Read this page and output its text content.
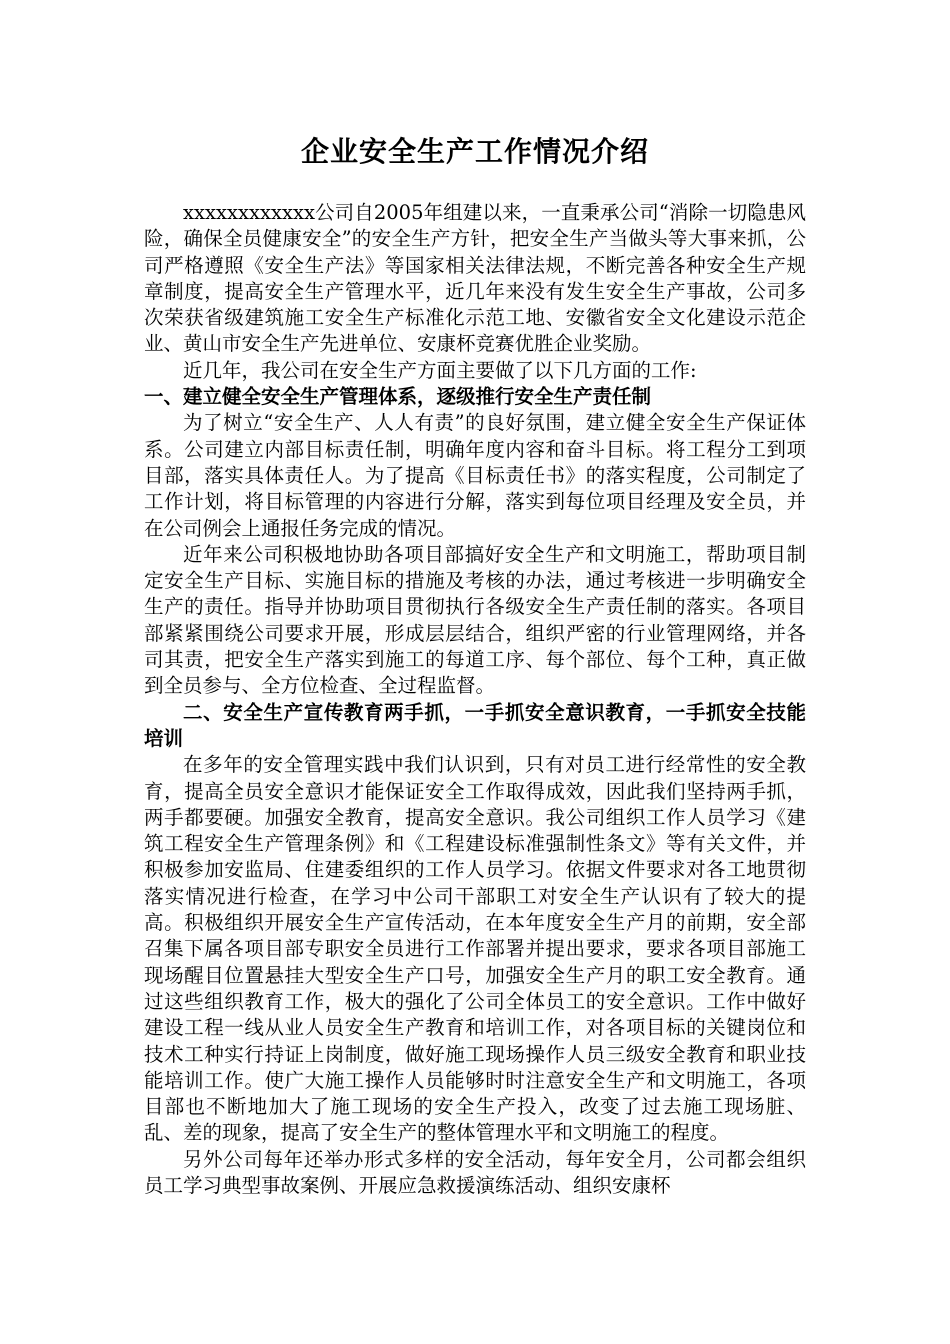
企业安全生产工作情况介绍

xxxxxxxxxxxx公司自2005年组建以来，一直秉承公司“消除一切隐患风险，确保全员健康安全”的安全生产方针，把安全生产当做头等大事来抓，公司严格遵照《安全生产法》等国家相关法律法规，不断完善各种安全生产规章制度，提高安全生产管理水平，近几年来没有发生安全生产事故，公司多次荣获省级建筑施工安全生产标准化示范工地、安徽省安全文化建设示范企业、黄山市安全生产先进单位、安康杯竞赛优胜企业奖励。

近几年，我公司在安全生产方面主要做了以下几方面的工作:

一、建立健全安全生产管理体系，逐级推行安全生产责任制

为了树立“安全生产、人人有责”的良好氛围，建立健全安全生产保证体系。公司建立内部目标责任制，明确年度内容和奋斗目标。将工程分工到项目部，落实具体责任人。为了提高《目标责任书》的落实程度，公司制定了工作计划，将目标管理的内容进行分解，落实到每位项目经理及安全员，并在公司例会上通报任务完成的情况。

近年来公司积极地协助各项目部搞好安全生产和文明施工，帮助项目制定安全生产目标、实施目标的措施及考核的办法，通过考核进一步明确安全生产的责任。指导并协助项目贯彻执行各级安全生产责任制的落实。各项目部紧紧围绕公司要求开展，形成层层结合，组织严密的行业管理网络，并各司其责，把安全生产落实到施工的每道工序、每个部位、每个工种，真正做到全员参与、全方位检查、全过程监督。

二、安全生产宣传教育两手抓，一手抓安全意识教育，一手抓安全技能培训

在多年的安全管理实践中我们认识到，只有对员工进行经常性的安全教育，提高全员安全意识才能保证安全工作取得成效，因此我们坚持两手抓，两手都要硬。加强安全教育，提高安全意识。我公司组织工作人员学习《建筑工程安全生产管理条例》和《工程建设标准强制性条文》等有关文件，并积极参加安监局、住建委组织的工作人员学习。依据文件要求对各工地贯彻落实情况进行检查，在学习中公司干部职工对安全生产认识有了较大的提高。积极组织开展安全生产宣传活动，在本年度安全生产月的前期，安全部召集下属各项目部专职安全员进行工作部署并提出要求，要求各项目部施工现场醒目位置悬挂大型安全生产口号，加强安全生产月的职工安全教育。通过这些组织教育工作，极大的强化了公司全体员工的安全意识。工作中做好建设工程一线从业人员安全生产教育和培训工作，对各项目标的关键岗位和技术工种实行持证上岗制度，做好施工现场操作人员三级安全教育和职业技能培训工作。使广大施工操作人员能够时时注意安全生产和文明施工，各项目部也不断地加大了施工现场的安全生产投入，改变了过去施工现场脏、乱、差的现象，提高了安全生产的整体管理水平和文明施工的程度。

另外公司每年还举办形式多样的安全活动，每年安全月，公司都会组织员工学习典型事故案例、开展应急救援演练活动、组织安康杯
